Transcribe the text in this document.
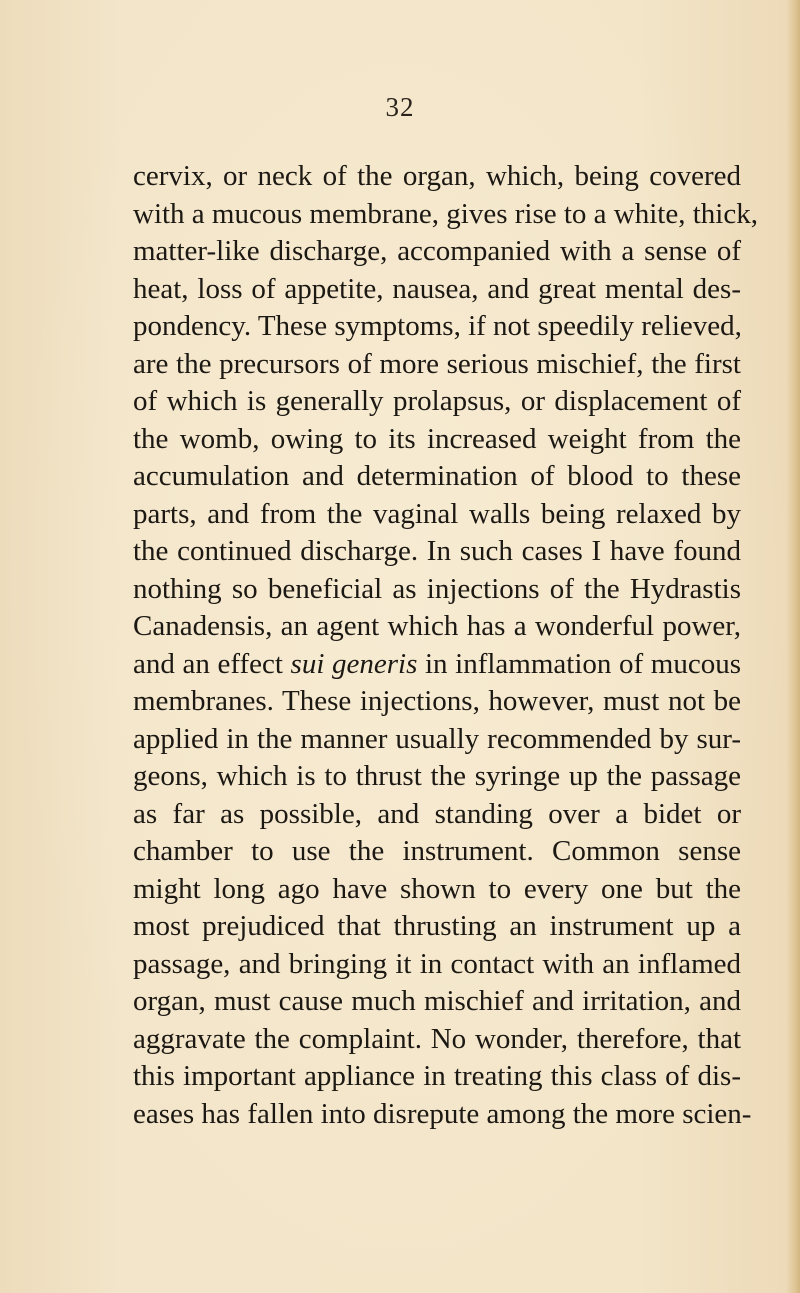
32

cervix, or neck of the organ, which, being covered
with a mucous membrane, gives rise to a white, thick,
matter-like discharge, accompanied with a sense of
heat, loss of appetite, nausea, and great mental des-
pondency. These symptoms, if not speedily relieved,
are the precursors of more serious mischief, the first
of which is generally prolapsus, or displacement of
the womb, owing to its increased weight from the
accumulation and determination of blood to these
parts, and from the vaginal walls being relaxed by
the continued discharge. In such cases I have found
nothing so beneficial as injections of the Hydrastis
Canadensis, an agent which has a wonderful power,
and an effect sui generis in inflammation of mucous
membranes. These injections, however, must not be
applied in the manner usually recommended by sur-
geons, which is to thrust the syringe up the passage
as far as possible, and standing over a bidet or
chamber to use the instrument. Common sense
might long ago have shown to every one but the
most prejudiced that thrusting an instrument up a
passage, and bringing it in contact with an inflamed
organ, must cause much mischief and irritation, and
aggravate the complaint. No wonder, therefore, that
this important appliance in treating this class of dis-
eases has fallen into disrepute among the more scien-
